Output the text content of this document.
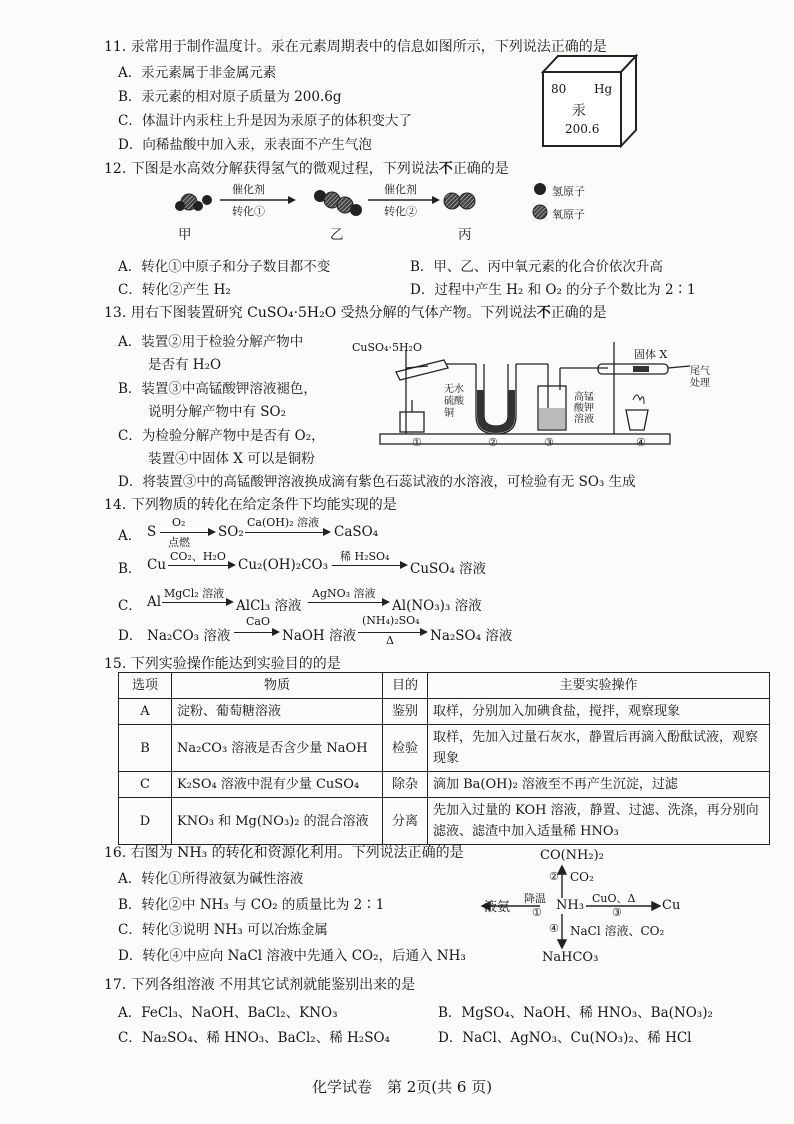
11. 汞常用于制作温度计。汞在元素周期表中的信息如图所示，下列说法正确的是
A．汞元素属于非金属元素
B．汞元素的相对原子质量为 200.6g
C．体温计内汞柱上升是因为汞原子的体积变大了
D．向稀盐酸中加入汞，汞表面不产生气泡
80 Hg
汞
200.6
12. 下图是水高效分解获得氢气的微观过程，下列说法不正确的是
催化剂
转化①
催化剂
转化②
氢原子
氧原子
甲	乙	丙
A．转化①中原子和分子数目都不变	B．甲、乙、丙中氧元素的化合价依次升高
C．转化②产生 H₂	D．过程中产生 H₂ 和 O₂ 的分子个数比为 2∶1
13. 用右下图装置研究 CuSO₄·5H₂O 受热分解的气体产物。下列说法不正确的是
A．装置②用于检验分解产物中
是否有 H₂O
B．装置③中高锰酸钾溶液褪色，
说明分解产物中有 SO₂
C．为检验分解产物中是否有 O₂，
装置④中固体 X 可以是铜粉
D．将装置③中的高锰酸钾溶液换成滴有紫色石蕊试液的水溶液，可检验有无 SO₃ 生成
CuSO₄·5H₂O
无水硫酸铜
高锰酸钾溶液
固体 X
尾气处理
①	②	③	④
14. 下列物质的转化在给定条件下均能实现的是
A． S
O₂
点燃
SO₂
Ca(OH)₂ 溶液
CaSO₄
B． Cu
CO₂、H₂O
Cu₂(OH)₂CO₃
稀 H₂SO₄
CuSO₄ 溶液
C． Al
MgCl₂ 溶液
AlCl₃ 溶液
AgNO₃ 溶液
Al(NO₃)₃ 溶液
D． Na₂CO₃ 溶液
CaO
NaOH 溶液
(NH₄)₂SO₄
Δ	Na₂SO₄ 溶液
15. 下列实验操作能达到实验目的的是
选项	物质	目的	主要实验操作
A	淀粉、葡萄糖溶液	鉴别	取样，分别加入加碘食盐，搅拌，观察现象
B	Na₂CO₃ 溶液是否含少量 NaOH	检验	取样，先加入过量石灰水，静置后再滴入酚酞试液，观察现象
C	K₂SO₄ 溶液中混有少量 CuSO₄	除杂	滴加 Ba(OH)₂ 溶液至不再产生沉淀，过滤
D	KNO₃ 和 Mg(NO₃)₂ 的混合溶液	分离	先加入过量的 KOH 溶液，静置、过滤、洗涤，再分别向滤液、滤渣中加入适量稀 HNO₃
16. 右图为 NH₃ 的转化和资源化利用。下列说法正确的是
A．转化①所得液氨为碱性溶液
B．转化②中 NH₃ 与 CO₂ 的质量比为 2∶1
C．转化③说明 NH₃ 可以冶炼金属
D．转化④中应向 NaCl 溶液中先通入 CO₂，后通入 NH₃
CO(NH₂)₂
② CO₂
液氨
降温
① NH₃ CuO、Δ
③	Cu
④ NaCl 溶液、CO₂
NaHCO₃
17. 下列各组溶液 不用其它试剂就能鉴别出来的是
A．FeCl₃、NaOH、BaCl₂、KNO₃	B．MgSO₄、NaOH、稀 HNO₃、Ba(NO₃)₂
C．Na₂SO₄、稀 HNO₃、BaCl₂、稀 H₂SO₄	D．NaCl、AgNO₃、Cu(NO₃)₂、稀 HCl
化学试卷　第 2页(共 6 页)
